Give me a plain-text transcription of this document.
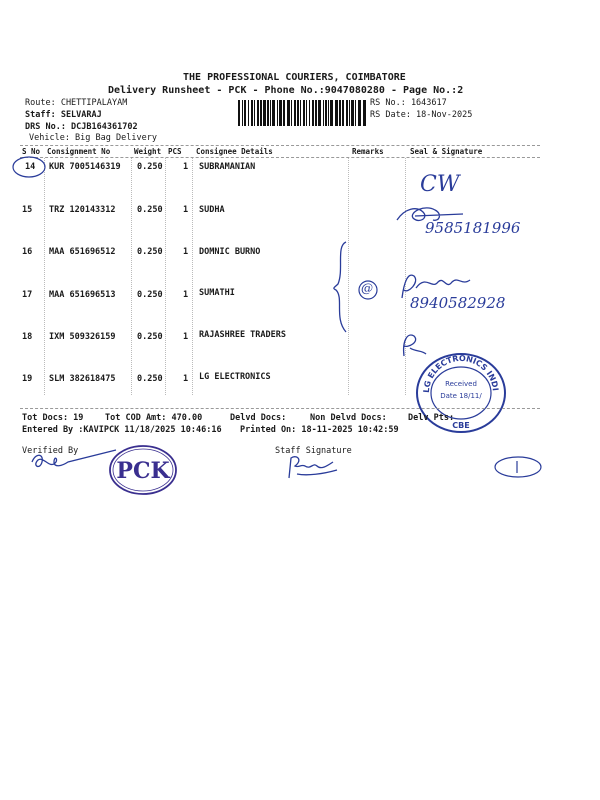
THE PROFESSIONAL COURIERS, COIMBATORE
Delivery Runsheet - PCK - Phone No.:9047080280 - Page No.:2
Route: CHETTIPALAYAM
Staff: SELVARAJ
DRS No.: DCJB164361702
Vehicle: Big Bag Delivery
RS No.: 1643617
RS Date: 18-Nov-2025
S No Consignment No	Weight PCS Consignee Details	Remarks	Seal & Signature
14 KUR 7005146319 0.250 1 SUBRAMANIAN
15 TRZ 120143312	0.250 1 SUDHA
16 MAA 651696512	0.250 1 DOMNIC BURNO
17 MAA 651696513	0.250 1 SUMATHI
18 IXM 509326159	0.250 1 RAJASHREE TRADERS
19 SLM 382618475	0.250 1 LG ELECTRONICS
CW
9585181996
@
8940582928
LG ELECTRONICS INDIA PVT LTD
Received
Date 18/11/
CBE
Tot Docs: 19	Tot COD Amt: 470.00	Delvd Docs:	Non Delvd Docs: Delv Pts:
Entered By :KAVIPCK 11/18/2025 10:46:16 Printed On: 18-11-2025 10:42:59
Verified By	Staff Signature
PCK
